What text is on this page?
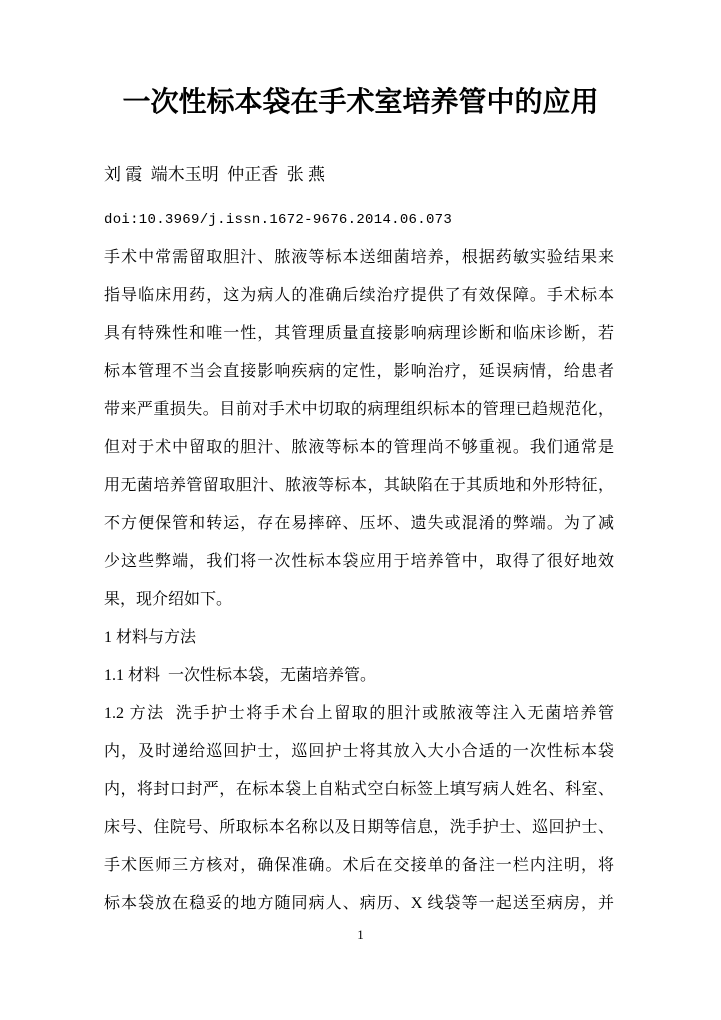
一次性标本袋在手术室培养管中的应用
刘 霞  端木玉明  仲正香  张 燕
doi:10.3969/j.issn.1672-9676.2014.06.073
手术中常需留取胆汁、脓液等标本送细菌培养，根据药敏实验结果来
指导临床用药，这为病人的准确后续治疗提供了有效保障。手术标本
具有特殊性和唯一性，其管理质量直接影响病理诊断和临床诊断，若
标本管理不当会直接影响疾病的定性，影响治疗，延误病情，给患者
带来严重损失。目前对手术中切取的病理组织标本的管理已趋规范化，
但对于术中留取的胆汁、脓液等标本的管理尚不够重视。我们通常是
用无菌培养管留取胆汁、脓液等标本，其缺陷在于其质地和外形特征，
不方便保管和转运，存在易摔碎、压坏、遗失或混淆的弊端。为了减
少这些弊端，我们将一次性标本袋应用于培养管中，取得了很好地效
果，现介绍如下。
1 材料与方法
1.1 材料  一次性标本袋，无菌培养管。
1.2 方法  洗手护士将手术台上留取的胆汁或脓液等注入无菌培养管
内，及时递给巡回护士，巡回护士将其放入大小合适的一次性标本袋
内，将封口封严，在标本袋上自粘式空白标签上填写病人姓名、科室、
床号、住院号、所取标本名称以及日期等信息，洗手护士、巡回护士、
手术医师三方核对，确保准确。术后在交接单的备注一栏内注明，将
标本袋放在稳妥的地方随同病人、病历、X 线袋等一起送至病房，并
1
